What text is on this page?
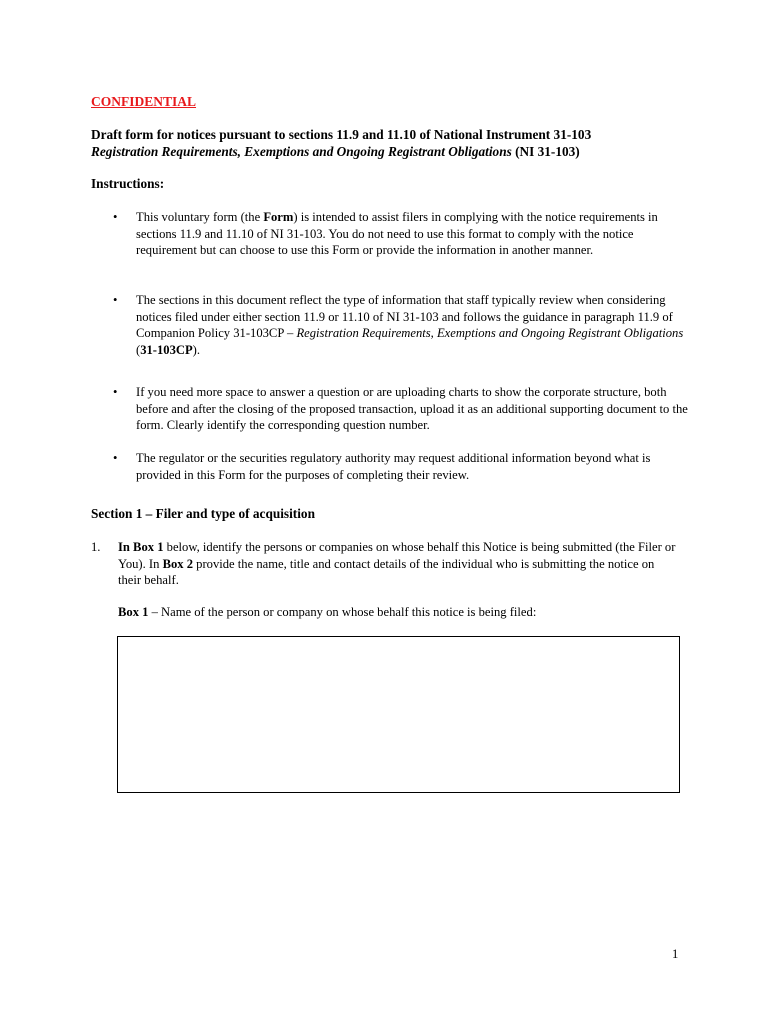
CONFIDENTIAL
Draft form for notices pursuant to sections 11.9 and 11.10 of National Instrument 31-103
Registration Requirements, Exemptions and Ongoing Registrant Obligations (NI 31-103)
Instructions:
• This voluntary form (the Form) is intended to assist filers in complying with the notice requirements in sections 11.9 and 11.10 of NI 31-103. You do not need to use this format to comply with the notice requirement but can choose to use this Form or provide the information in another manner.
• The sections in this document reflect the type of information that staff typically review when considering notices filed under either section 11.9 or 11.10 of NI 31-103 and follows the guidance in paragraph 11.9 of Companion Policy 31-103CP – Registration Requirements, Exemptions and Ongoing Registrant Obligations (31-103CP).
• If you need more space to answer a question or are uploading charts to show the corporate structure, both before and after the closing of the proposed transaction, upload it as an additional supporting document to the form. Clearly identify the corresponding question number.
• The regulator or the securities regulatory authority may request additional information beyond what is provided in this Form for the purposes of completing their review.
Section 1 – Filer and type of acquisition
1. In Box 1 below, identify the persons or companies on whose behalf this Notice is being submitted (the Filer or You). In Box 2 provide the name, title and contact details of the individual who is submitting the notice on their behalf.
Box 1 – Name of the person or company on whose behalf this notice is being filed:
1
